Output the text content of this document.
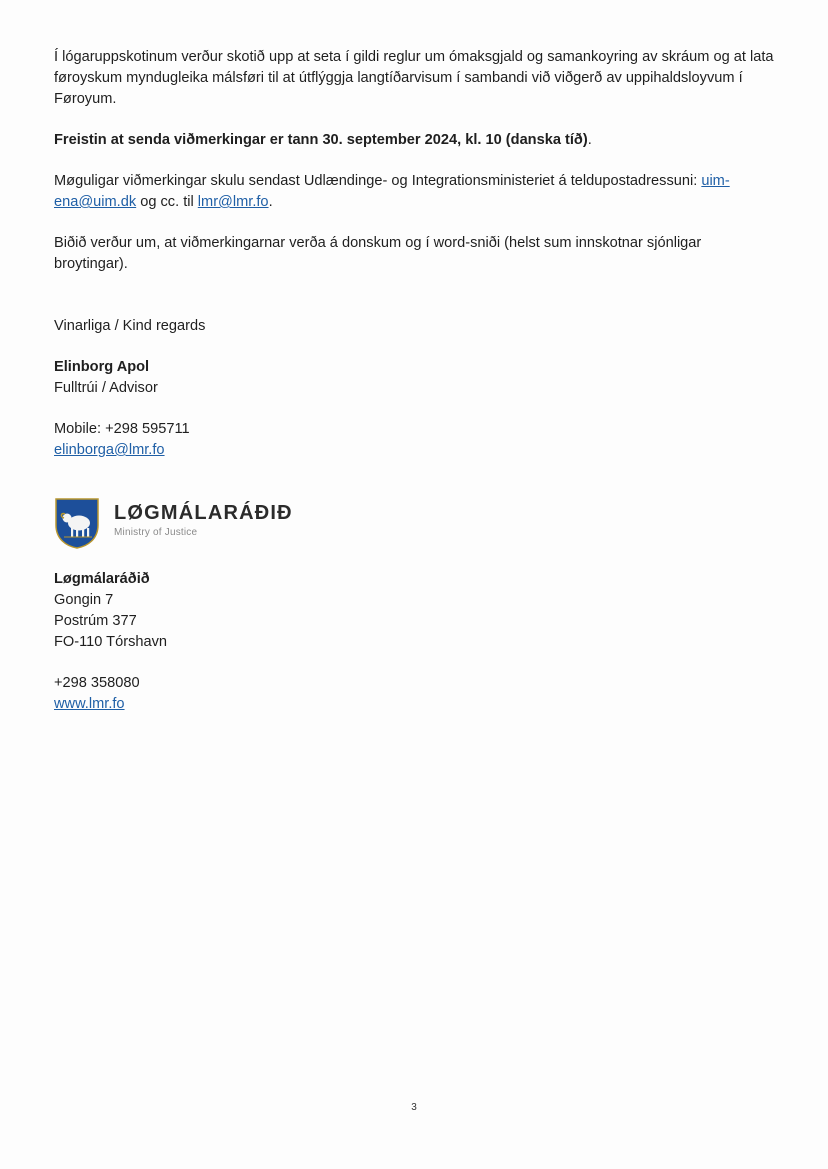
Í lógaruppskotinum verður skotið upp at seta í gildi reglur um ómaksgjald og samankoyring av skráum og at lata føroyskum myndugleika málsføri til at útflýggja langtíðarvisum í sambandi við viðgerð av uppihaldsloyvum í Føroyum.

Freistin at senda viðmerkingar er tann 30. september 2024, kl. 10 (danska tíð).

Møguligar viðmerkingar skulu sendast Udlændinge- og Integrationsministeriet á teldupostadressuni: uim-ena@uim.dk og cc. til lmr@lmr.fo.

Biðið verður um, at viðmerkingarnar verða á donskum og í word-sniði (helst sum innskotnar sjónligar broytingar).

Vinarliga / Kind regards

Elinborg Apol

Fulltrúi / Advisor

Mobile: +298 595711

elinborga@lmr.fo

LØGMÁLARÁÐIÐ
Ministry of Justice

Løgmálaráðið

Gongin 7

Postrúm 377

FO-110 Tórshavn

+298 358080

www.lmr.fo

3
